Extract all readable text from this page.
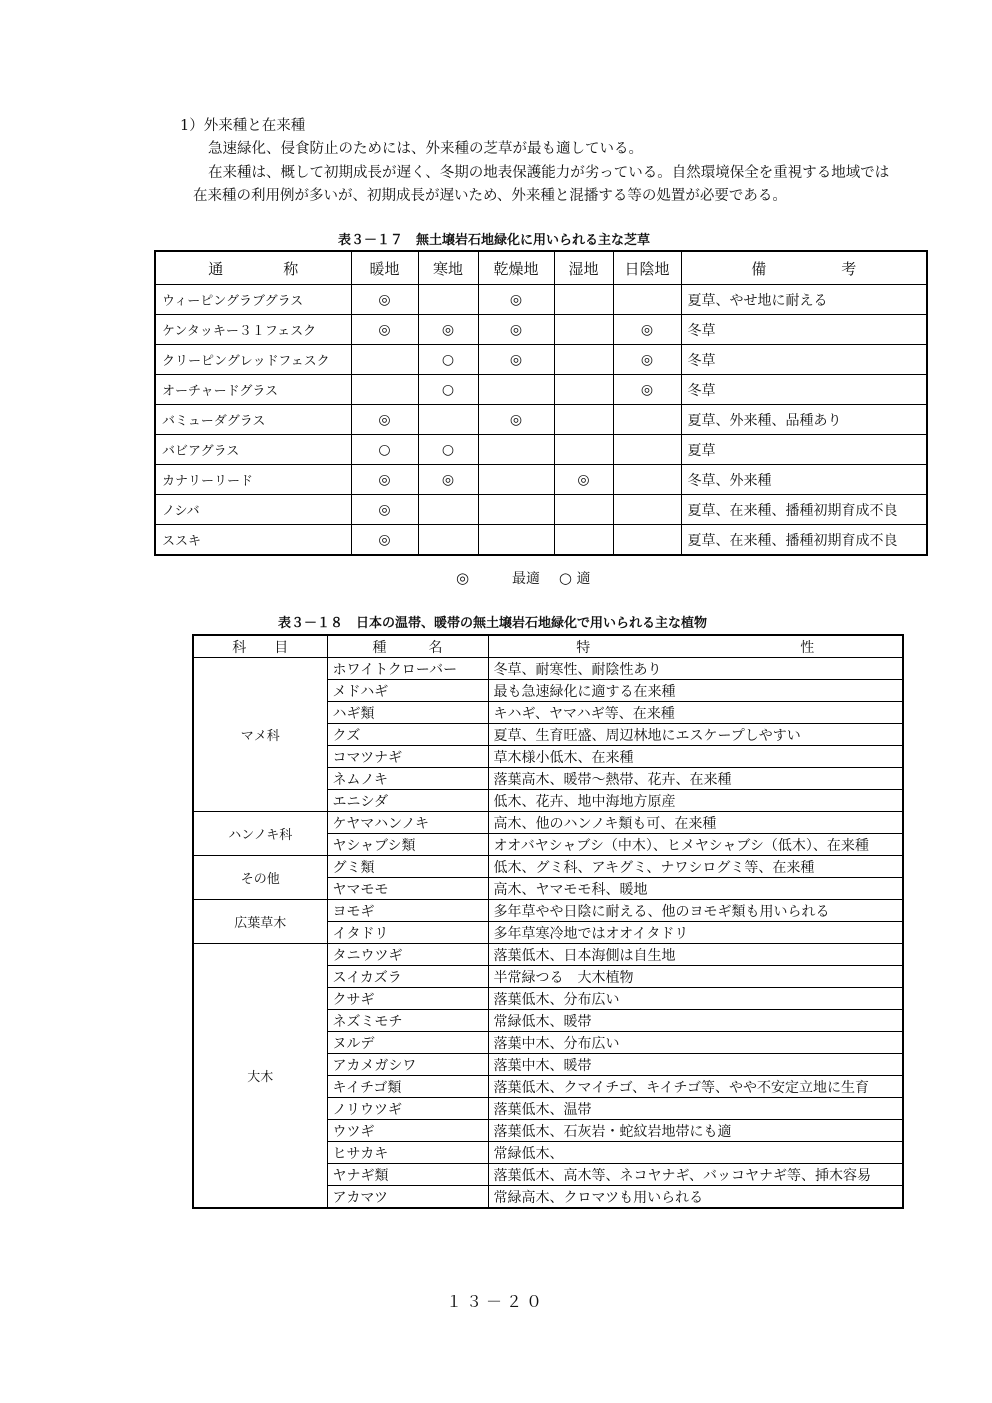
1）外来種と在来種
急速緑化、侵食防止のためには、外来種の芝草が最も適している。
在来種は、概して初期成長が遅く、冬期の地表保護能力が劣っている。自然環境保全を重視する地域では
在来種の利用例が多いが、初期成長が遅いため、外来種と混播する等の処置が必要である。
表３－１７　無土壌岩石地緑化に用いられる主な芝草
通　　　　称	暖地	寒地	乾燥地	湿地	日陰地	備　　　　　考
ウィーピングラブグラス	◎		◎			夏草、やせ地に耐える
ケンタッキー３１フェスク	◎	◎	◎		◎	冬草
クリーピングレッドフェスク		○	◎		◎	冬草
オーチャードグラス		○			◎	冬草
バミューダグラス	◎		◎			夏草、外来種、品種あり
バビアグラス	○	○				夏草
カナリーリード	◎	◎		◎		冬草、外来種
ノシバ	◎					夏草、在来種、播種初期育成不良
ススキ	◎					夏草、在来種、播種初期育成不良
◎	最適 ○ 適
表３－１８　日本の温帯、暖帯の無土壌岩石地緑化で用いられる主な植物
科　　目	種　　　名	特　　　　　　　　　　　　　　　性
マメ科	ホワイトクローバー	冬草、耐寒性、耐陰性あり
	メドハギ	最も急速緑化に適する在来種
	ハギ類	キハギ、ヤマハギ等、在来種
	クズ	夏草、生育旺盛、周辺林地にエスケープしやすい
	コマツナギ	草木様小低木、在来種
	ネムノキ	落葉高木、暖帯～熱帯、花卉、在来種
	エニシダ	低木、花卉、地中海地方原産
ハンノキ科	ケヤマハンノキ	高木、他のハンノキ類も可、在来種
	ヤシャブシ類	オオバヤシャブシ（中木）、ヒメヤシャブシ（低木）、在来種
その他	グミ類	低木、グミ科、アキグミ、ナワシログミ等、在来種
	ヤマモモ	高木、ヤマモモ科、暖地
広葉草木	ヨモギ	多年草やや日陰に耐える、他のヨモギ類も用いられる
	イタドリ	多年草寒冷地ではオオイタドリ
大木	タニウツギ	落葉低木、日本海側は自生地
	スイカズラ	半常緑つる　大木植物
	クサギ	落葉低木、分布広い
	ネズミモチ	常緑低木、暖帯
	ヌルデ	落葉中木、分布広い
	アカメガシワ	落葉中木、暖帯
	キイチゴ類	落葉低木、クマイチゴ、キイチゴ等、やや不安定立地に生育
	ノリウツギ	落葉低木、温帯
	ウツギ	落葉低木、石灰岩・蛇紋岩地帯にも適
	ヒサカキ	常緑低木、
	ヤナギ類	落葉低木、高木等、ネコヤナギ、バッコヤナギ等、挿木容易
	アカマツ	常緑高木、クロマツも用いられる
１３－２０
